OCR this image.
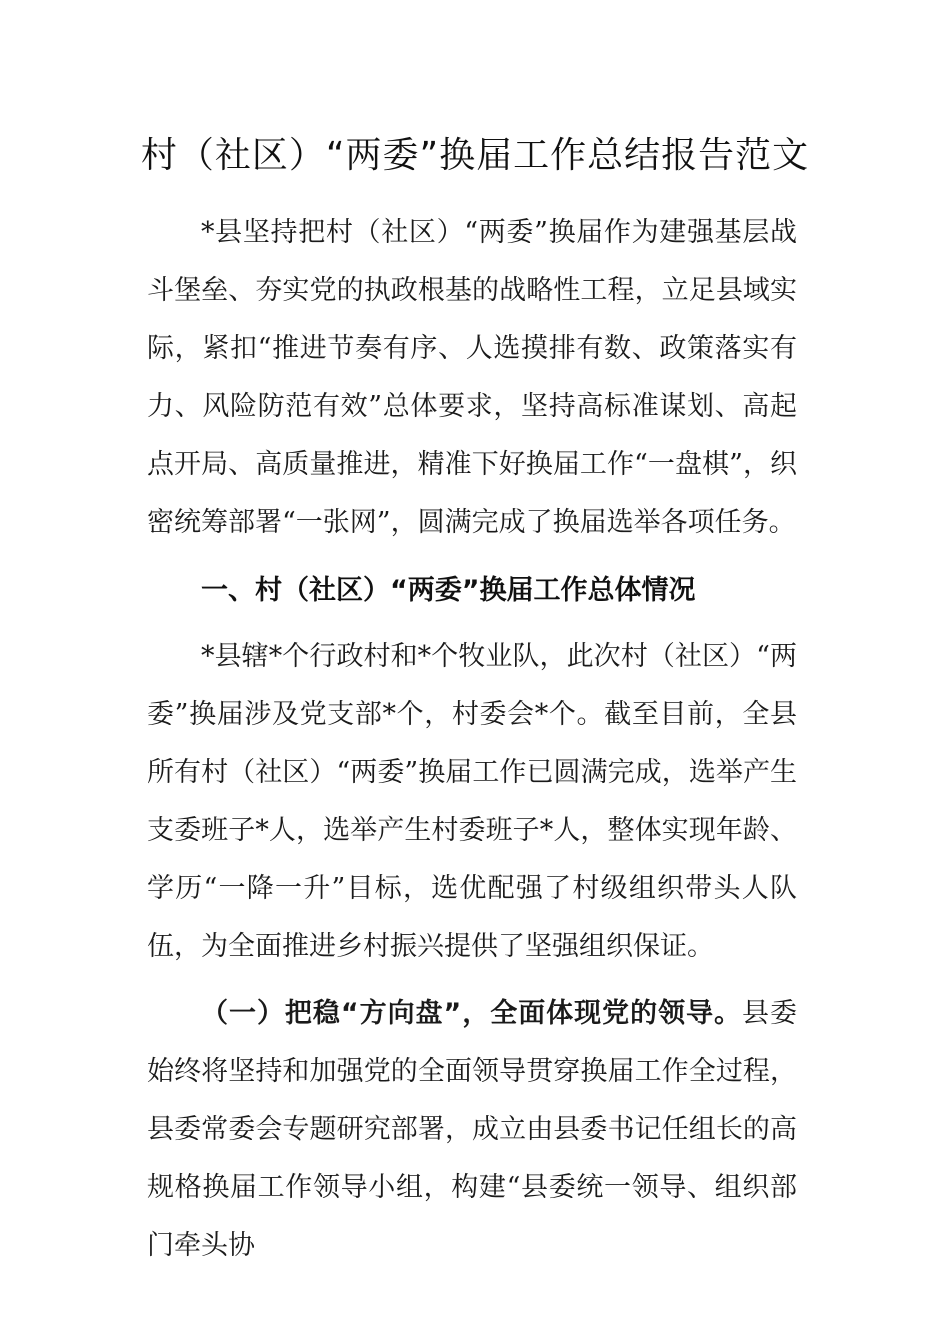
村（社区）“两委”换届工作总结报告范文

*县坚持把村（社区）“两委”换届作为建强基层战斗堡垒、夯实党的执政根基的战略性工程，立足县域实际，紧扣“推进节奏有序、人选摸排有数、政策落实有力、风险防范有效”总体要求，坚持高标准谋划、高起点开局、高质量推进，精准下好换届工作“一盘棋”，织密统筹部署“一张网”，圆满完成了换届选举各项任务。

一、村（社区）“两委”换届工作总体情况

*县辖*个行政村和*个牧业队，此次村（社区）“两委”换届涉及党支部*个，村委会*个。截至目前，全县所有村（社区）“两委”换届工作已圆满完成，选举产生支委班子*人，选举产生村委班子*人，整体实现年龄、学历“一降一升”目标，选优配强了村级组织带头人队伍，为全面推进乡村振兴提供了坚强组织保证。

（一）把稳“方向盘”，全面体现党的领导。县委始终将坚持和加强党的全面领导贯穿换届工作全过程，县委常委会专题研究部署，成立由县委书记任组长的高规格换届工作领导小组，构建“县委统一领导、组织部门牵头协
